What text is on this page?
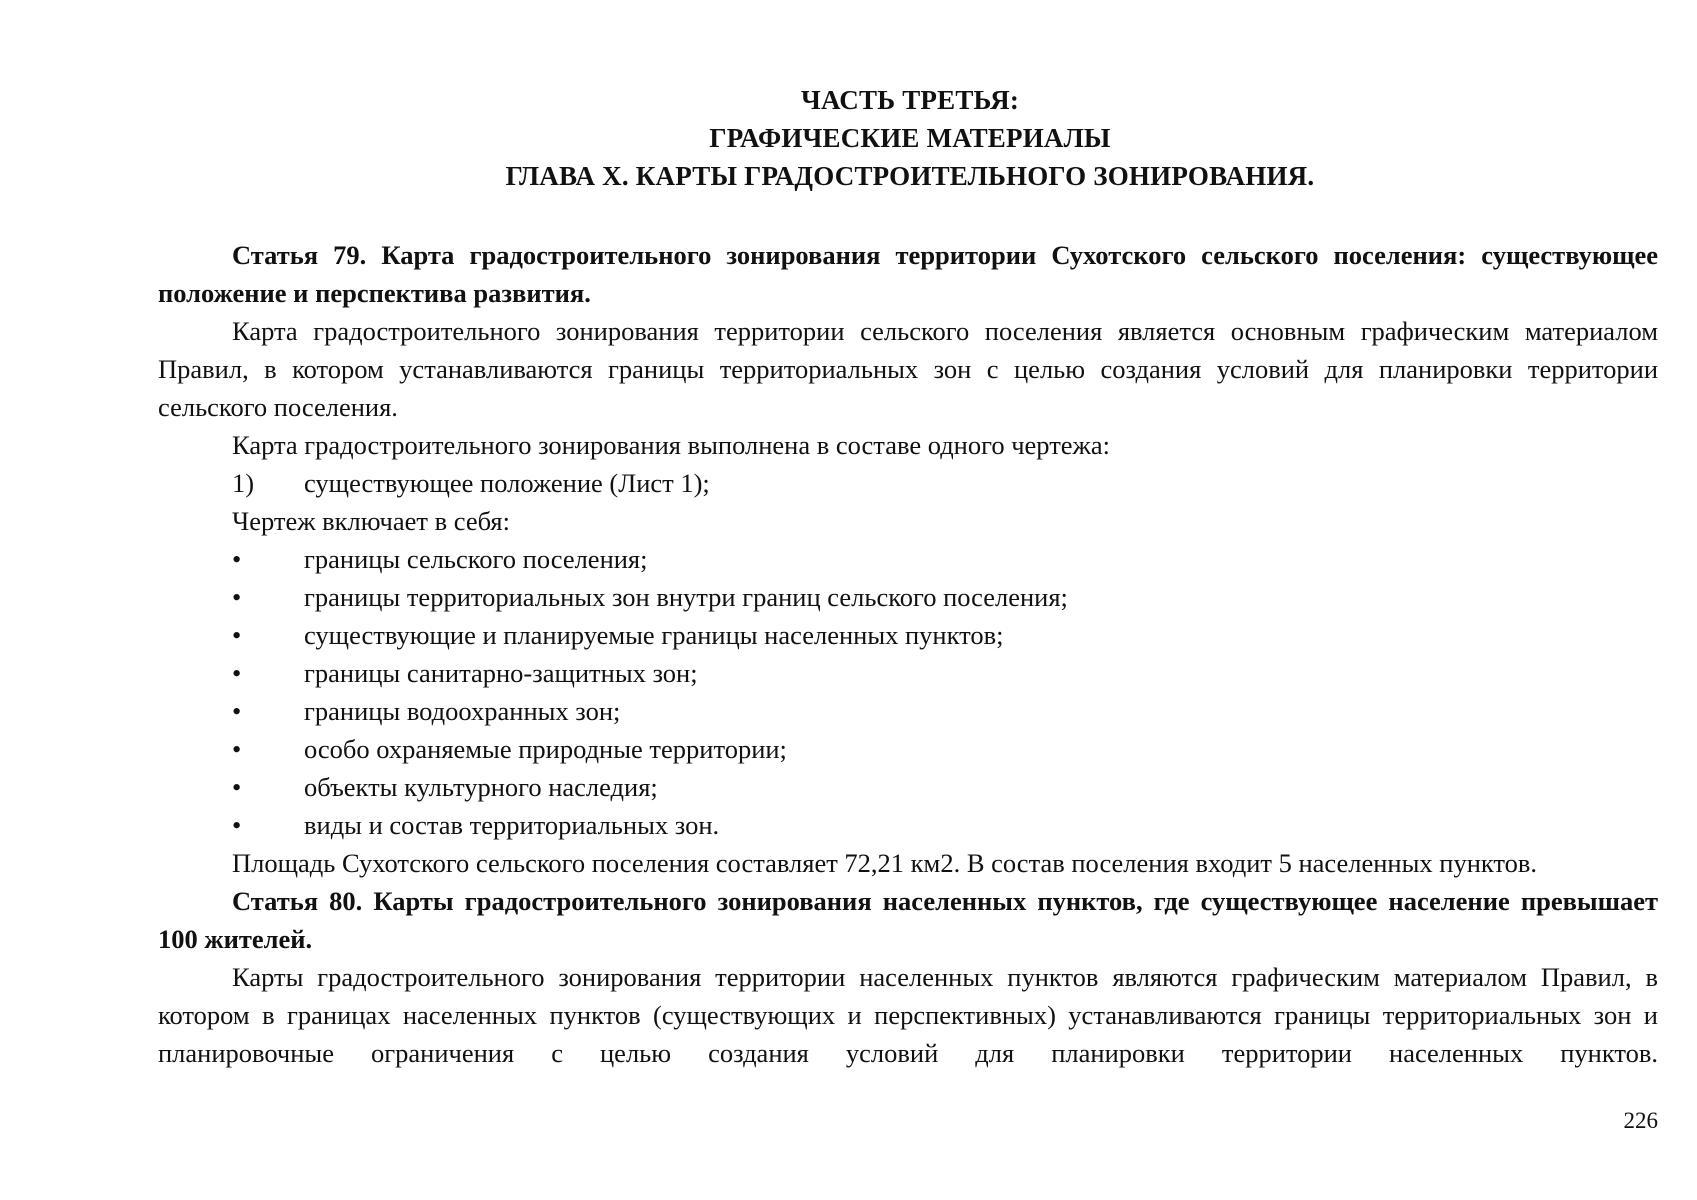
ЧАСТЬ ТРЕТЬЯ:
ГРАФИЧЕСКИЕ МАТЕРИАЛЫ
ГЛАВА X. КАРТЫ ГРАДОСТРОИТЕЛЬНОГО ЗОНИРОВАНИЯ.

Статья 79. Карта градостроительного зонирования территории Сухотского сельского поселения: существующее положение и перспектива развития.

Карта градостроительного зонирования территории сельского поселения является основным графическим материалом Правил, в котором устанавливаются границы территориальных зон с целью создания условий для планировки территории сельского поселения.

Карта градостроительного зонирования выполнена в составе одного чертежа:

1)	существующее положение (Лист 1);

Чертеж включает в себя:

•	границы сельского поселения;
•	границы территориальных зон внутри границ сельского поселения;
•	существующие и планируемые границы населенных пунктов;
•	границы санитарно-защитных зон;
•	границы водоохранных зон;
•	особо охраняемые природные территории;
•	объекты культурного наследия;
•	виды и состав территориальных зон.

Площадь Сухотского сельского поселения составляет 72,21 км2. В состав поселения входит 5 населенных пунктов.

Статья 80. Карты градостроительного зонирования населенных пунктов, где существующее население превышает 100 жителей.

Карты градостроительного зонирования территории населенных пунктов являются графическим материалом Правил, в котором в границах населенных пунктов (существующих и перспективных) устанавливаются границы территориальных зон и планировочные ограничения с целью создания условий для планировки территории населенных пунктов.

226
